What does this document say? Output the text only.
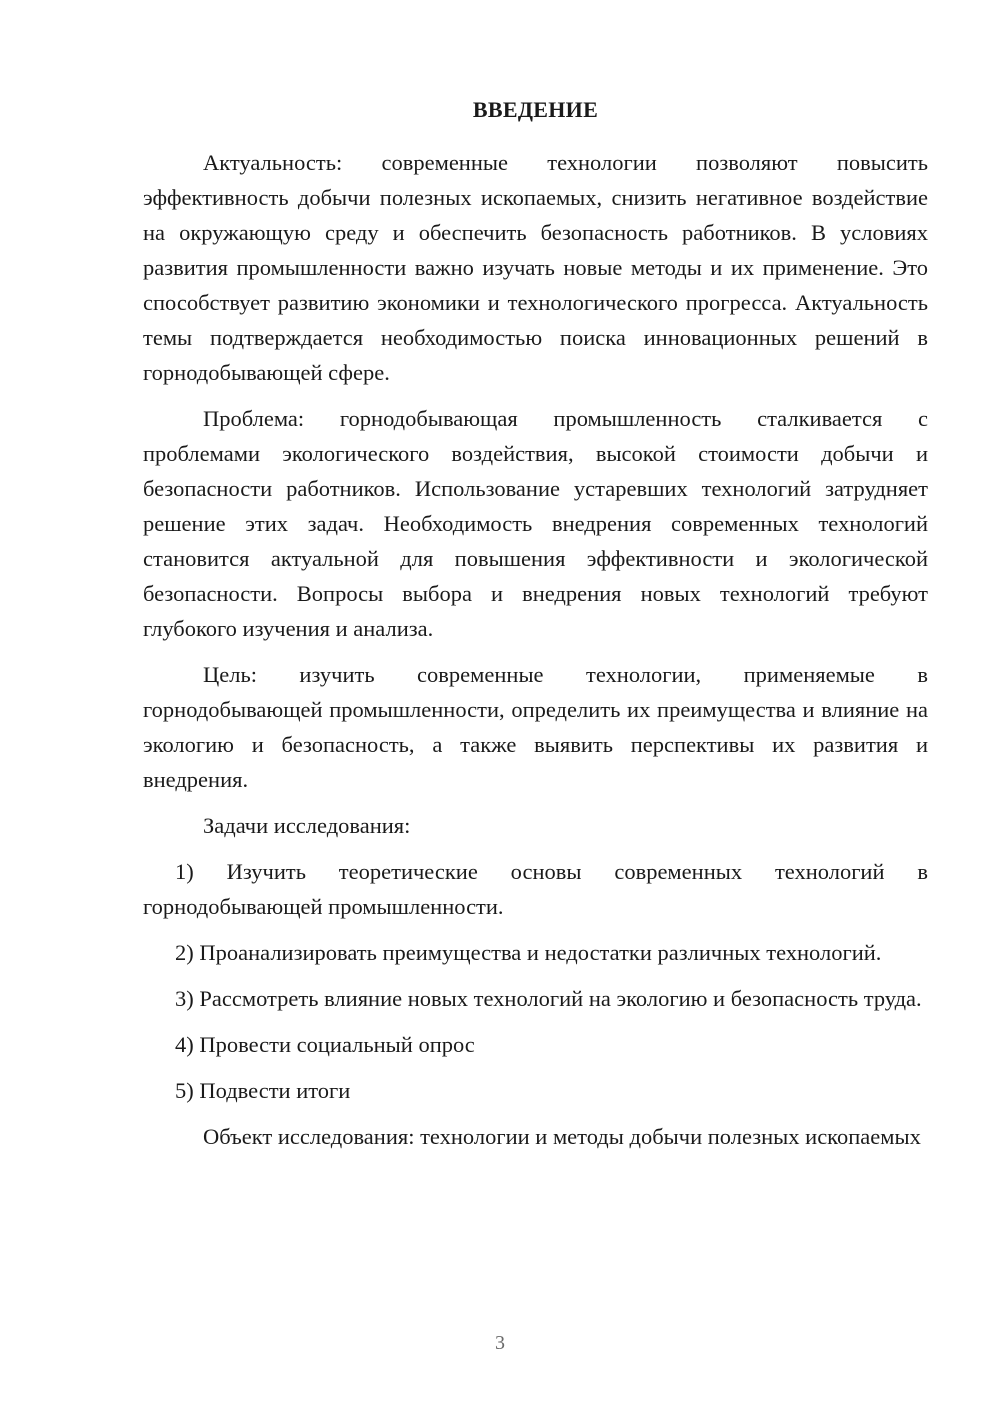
ВВЕДЕНИЕ

Актуальность: современные технологии позволяют повысить эффективность добычи полезных ископаемых, снизить негативное воздействие на окружающую среду и обеспечить безопасность работников. В условиях развития промышленности важно изучать новые методы и их применение. Это способствует развитию экономики и технологического прогресса. Актуальность темы подтверждается необходимостью поиска инновационных решений в горнодобывающей сфере.

Проблема: горнодобывающая промышленность сталкивается с проблемами экологического воздействия, высокой стоимости добычи и безопасности работников. Использование устаревших технологий затрудняет решение этих задач. Необходимость внедрения современных технологий становится актуальной для повышения эффективности и экологической безопасности. Вопросы выбора и внедрения новых технологий требуют глубокого изучения и анализа.

Цель: изучить современные технологии, применяемые в горнодобывающей промышленности, определить их преимущества и влияние на экологию и безопасность, а также выявить перспективы их развития и внедрения.

Задачи исследования:

1) Изучить теоретические основы современных технологий в горнодобывающей промышленности.

2) Проанализировать преимущества и недостатки различных технологий.

3) Рассмотреть влияние новых технологий на экологию и безопасность труда.

4) Провести социальный опрос

5) Подвести итоги

Объект исследования: технологии и методы добычи полезных ископаемых

3
